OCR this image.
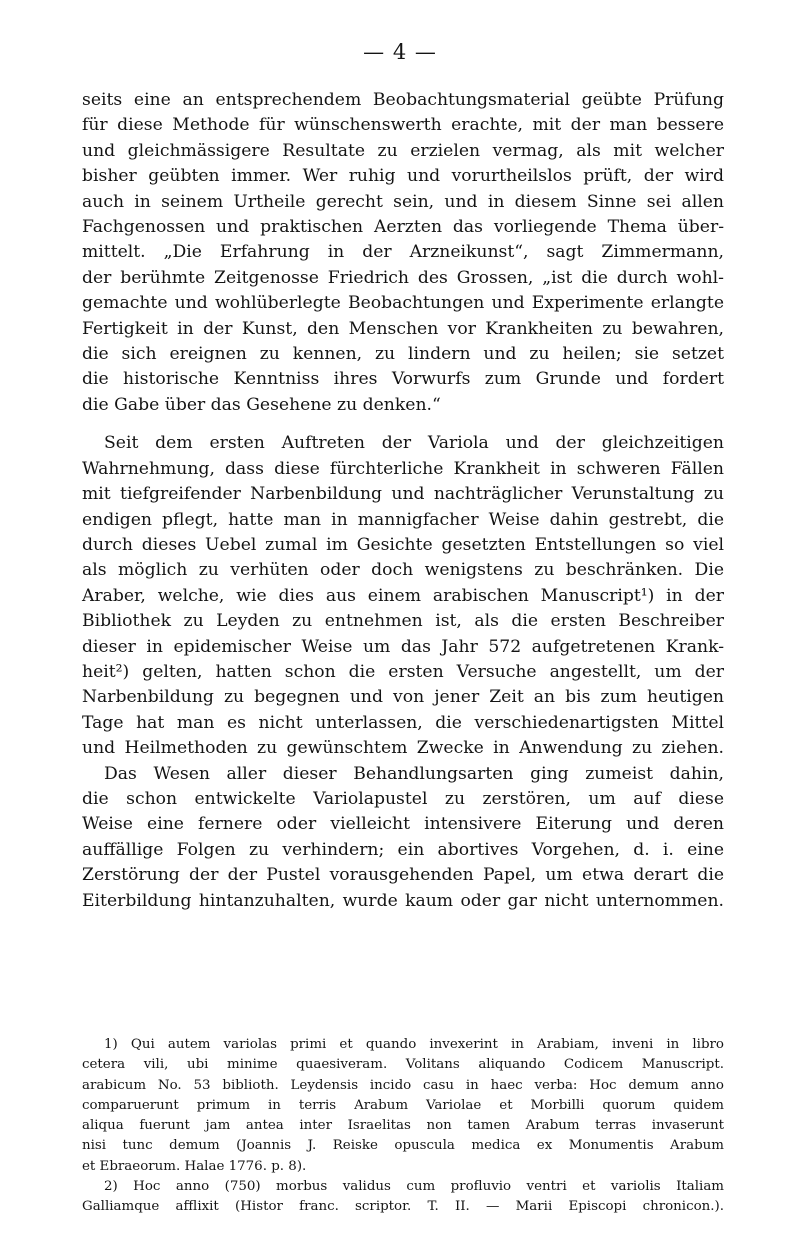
— 4 —
seits eine an entsprechendem Beobachtungsmaterial geübte Prüfung
für diese Methode für wünschenswerth erachte, mit der man bessere
und gleichmässigere Resultate zu erzielen vermag, als mit welcher
bisher geübten immer. Wer ruhig und vorurtheilslos prüft, der wird
auch in seinem Urtheile gerecht sein, und in diesem Sinne sei allen
Fachgenossen und praktischen Aerzten das vorliegende Thema über-
mittelt. „Die Erfahrung in der Arzneikunst“, sagt Zimmermann,
der berühmte Zeitgenosse Friedrich des Grossen, „ist die durch wohl-
gemachte und wohlüberlegte Beobachtungen und Experimente erlangte
Fertigkeit in der Kunst, den Menschen vor Krankheiten zu bewahren,
die sich ereignen zu kennen, zu lindern und zu heilen; sie setzet
die historische Kenntniss ihres Vorwurfs zum Grunde und fordert
die Gabe über das Gesehene zu denken.“
Seit dem ersten Auftreten der Variola und der gleichzeitigen
Wahrnehmung, dass diese fürchterliche Krankheit in schweren Fällen
mit tiefgreifender Narbenbildung und nachträglicher Verunstaltung zu
endigen pflegt, hatte man in mannigfacher Weise dahin gestrebt, die
durch dieses Uebel zumal im Gesichte gesetzten Entstellungen so viel
als möglich zu verhüten oder doch wenigstens zu beschränken. Die
Araber, welche, wie dies aus einem arabischen Manuscript¹) in der
Bibliothek zu Leyden zu entnehmen ist, als die ersten Beschreiber
dieser in epidemischer Weise um das Jahr 572 aufgetretenen Krank-
heit²) gelten, hatten schon die ersten Versuche angestellt, um der
Narbenbildung zu begegnen und von jener Zeit an bis zum heutigen
Tage hat man es nicht unterlassen, die verschiedenartigsten Mittel
und Heilmethoden zu gewünschtem Zwecke in Anwendung zu ziehen.
Das Wesen aller dieser Behandlungsarten ging zumeist dahin,
die schon entwickelte Variolapustel zu zerstören, um auf diese
Weise eine fernere oder vielleicht intensivere Eiterung und deren
auffällige Folgen zu verhindern; ein abortives Vorgehen, d. i. eine
Zerstörung der der Pustel vorausgehenden Papel, um etwa derart die
Eiterbildung hintanzuhalten, wurde kaum oder gar nicht unternommen.
1) Qui autem variolas primi et quando invexerint in Arabiam, inveni in libro
cetera vili, ubi minime quaesiveram. Volitans aliquando Codicem Manuscript.
arabicum No. 53 biblioth. Leydensis incido casu in haec verba: Hoc demum anno
comparuerunt primum in terris Arabum Variolae et Morbilli quorum quidem
aliqua fuerunt jam antea inter Israelitas non tamen Arabum terras invaserunt
nisi tunc demum (Joannis J. Reiske opuscula medica ex Monumentis Arabum
et Ebraeorum. Halae 1776. p. 8).
2) Hoc anno (750) morbus validus cum profluvio ventri et variolis Italiam
Galliamque afflixit (Histor franc. scriptor. T. II. — Marii Episcopi chronicon.).
